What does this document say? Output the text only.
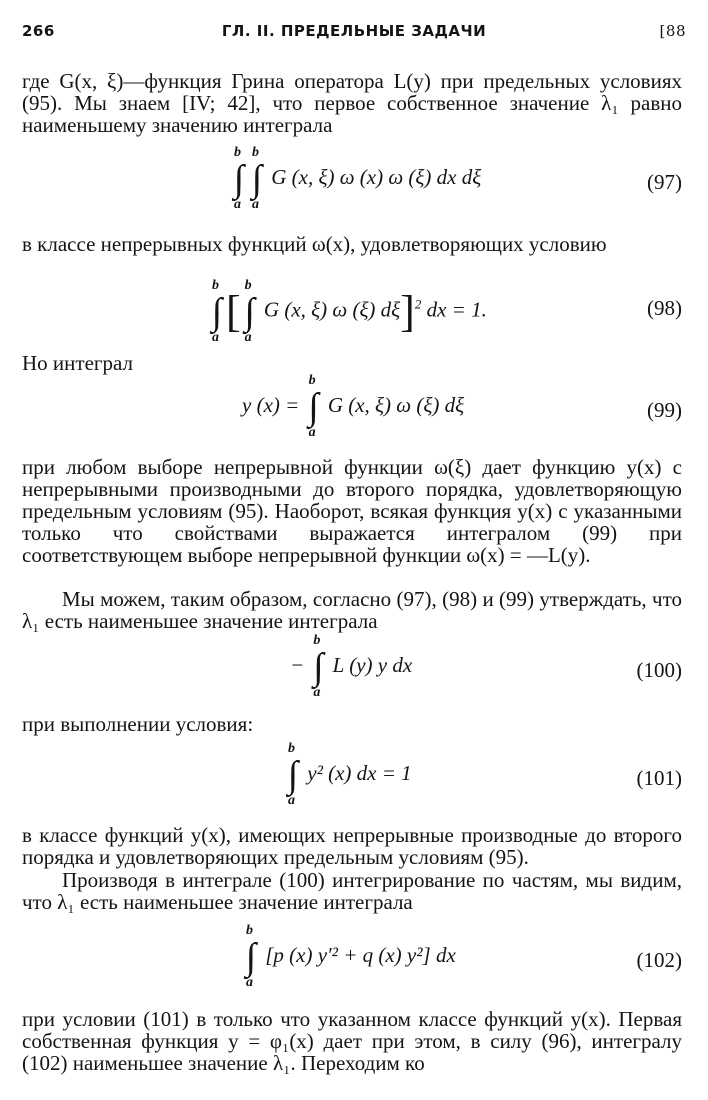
266	ГЛ. II. ПРЕДЕЛЬНЫЕ ЗАДАЧИ	[88
где G(x, ξ)—функция Грина оператора L(y) при предельных условиях (95). Мы знаем [IV; 42], что первое собственное значение λ₁ равно наименьшему значению интеграла
∫
b
a
∫
b
a
G (x, ξ) ω (x) ω (ξ) dx dξ	(97)
в классе непрерывных функций ω(x), удовлетворяющих условию
∫
b
a
[∫
b
a
G (x, ξ) ω (ξ) dξ]$^2$ dx = 1.	(98)
Но интеграл
y (x) = ∫
b
a
G (x, ξ) ω (ξ) dξ	(99)
при любом выборе непрерывной функции ω(ξ) дает функцию y(x) с непрерывными производными до второго порядка, удовлетворяющую предельным условиям (95). Наоборот, всякая функция y(x) с указанными только что свойствами выражается интегралом (99) при соответствующем выборе непрерывной функции ω(x) = —L(y).
Мы можем, таким образом, согласно (97), (98) и (99) утверждать, что λ₁ есть наименьшее значение интеграла
− ∫
b
a
L (y) y dx	(100)
при выполнении условия:
∫
b
a
y² (x) dx = 1	(101)
в классе функций y(x), имеющих непрерывные производные до второго порядка и удовлетворяющих предельным условиям (95).
Производя в интеграле (100) интегрирование по частям, мы видим, что λ₁ есть наименьшее значение интеграла
∫
b
a
[p (x) y′² + q (x) y²] dx	(102)
при условии (101) в только что указанном классе функций y(x). Первая собственная функция y = φ₁(x) дает при этом, в силу (96), интегралу (102) наименьшее значение λ₁. Переходим ко
